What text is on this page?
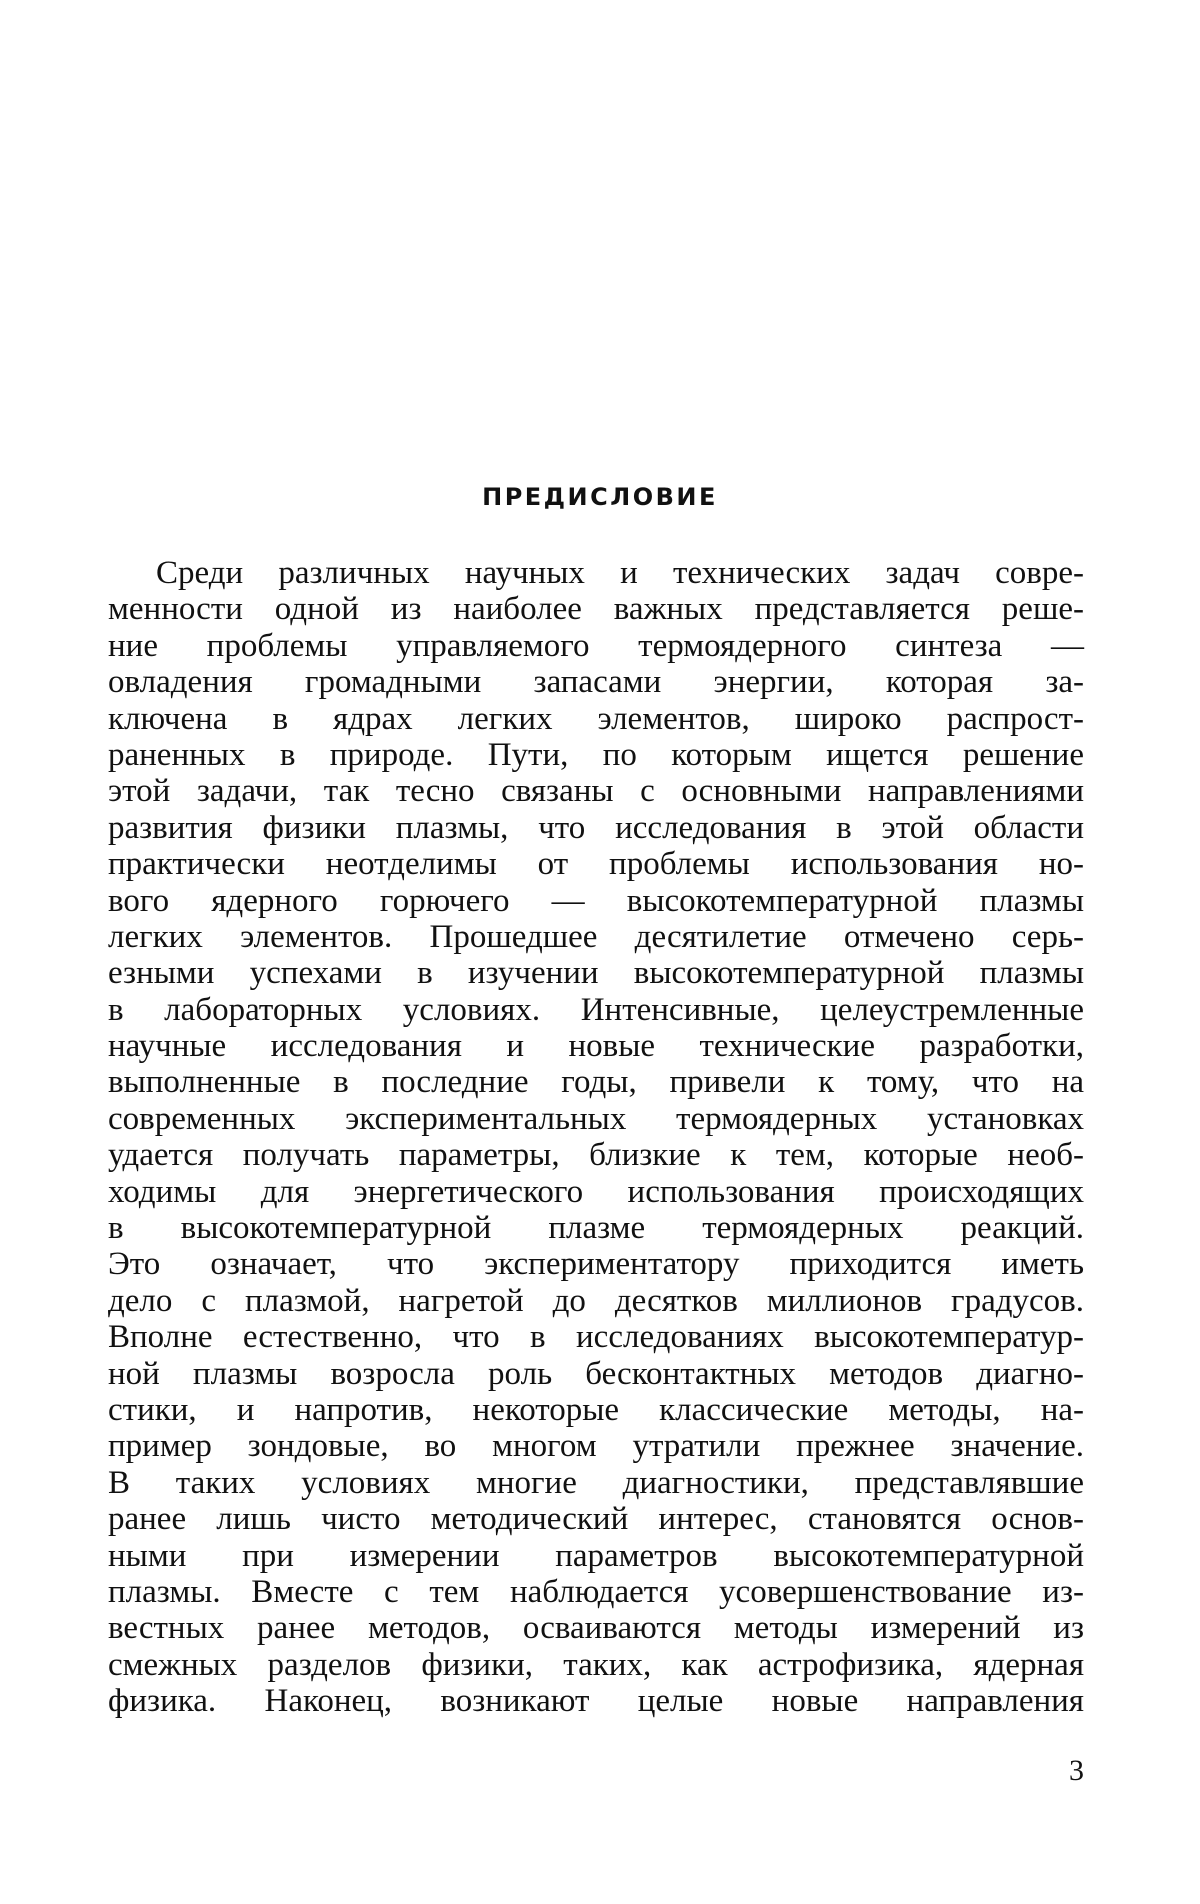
ПРЕДИСЛОВИЕ
Среди различных научных и технических задач совре-
менности одной из наиболее важных представляется реше-
ние проблемы управляемого термоядерного синтеза —
овладения громадными запасами энергии, которая за-
ключена в ядрах легких элементов, широко распрост-
раненных в природе. Пути, по которым ищется решение
этой задачи, так тесно связаны с основными направлениями
развития физики плазмы, что исследования в этой области
практически неотделимы от проблемы использования но-
вого ядерного горючего — высокотемпературной плазмы
легких элементов. Прошедшее десятилетие отмечено серь-
езными успехами в изучении высокотемпературной плазмы
в лабораторных условиях. Интенсивные, целеустремленные
научные исследования и новые технические разработки,
выполненные в последние годы, привели к тому, что на
современных экспериментальных термоядерных установках
удается получать параметры, близкие к тем, которые необ-
ходимы для энергетического использования происходящих
в высокотемпературной плазме термоядерных реакций.
Это означает, что экспериментатору приходится иметь
дело с плазмой, нагретой до десятков миллионов градусов.
Вполне естественно, что в исследованиях высокотемператур-
ной плазмы возросла роль бесконтактных методов диагно-
стики, и напротив, некоторые классические методы, на-
пример зондовые, во многом утратили прежнее значение.
В таких условиях многие диагностики, представлявшие
ранее лишь чисто методический интерес, становятся основ-
ными при измерении параметров высокотемпературной
плазмы. Вместе с тем наблюдается усовершенствование из-
вестных ранее методов, осваиваются методы измерений из
смежных разделов физики, таких, как астрофизика, ядерная
физика. Наконец, возникают целые новые направления
3
